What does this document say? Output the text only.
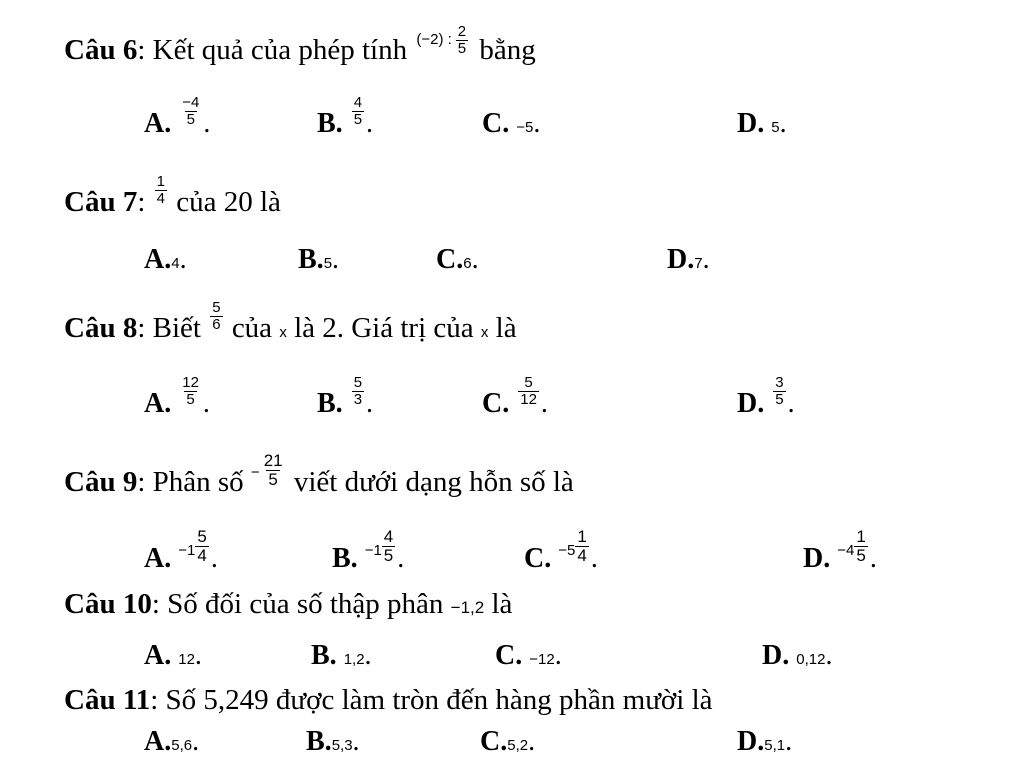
Câu 6: Kết quả của phép tính (−2) : $\frac{2}{5}$ bằng
A. $\frac{-4}{5}$ .	B. $\frac{4}{5}$ .	C. −5.	D. 5.
Câu 7: $\frac{1}{4}$ của 20 là
A.4.	B.5.	C.6.	D.7.
Câu 8: Biết $\frac{5}{6}$ của x là 2. Giá trị của x là
A. $\frac{12}{5}$ .	B. $\frac{5}{3}$ .	C. $\frac{5}{12}$ .	D. $\frac{3}{5}$ .
Câu 9: Phân số $^- \frac{21}{5}$ viết dưới dạng hỗn số là
A. $^{-1} \frac{5}{4}$ .	B. $^{-1} \frac{4}{5}$ .	C. $^{-5} \frac{1}{4}$ .	D. $^{-4} \frac{1}{5}$ .
Câu 10: Số đối của số thập phân −1,2 là
A. 12.	B. 1,2.	C. −12.	D. 0,12.
Câu 11: Số 5,249 được làm tròn đến hàng phần mười là
A.5,6.	B.5,3.	C.5,2.	D.5,1.
